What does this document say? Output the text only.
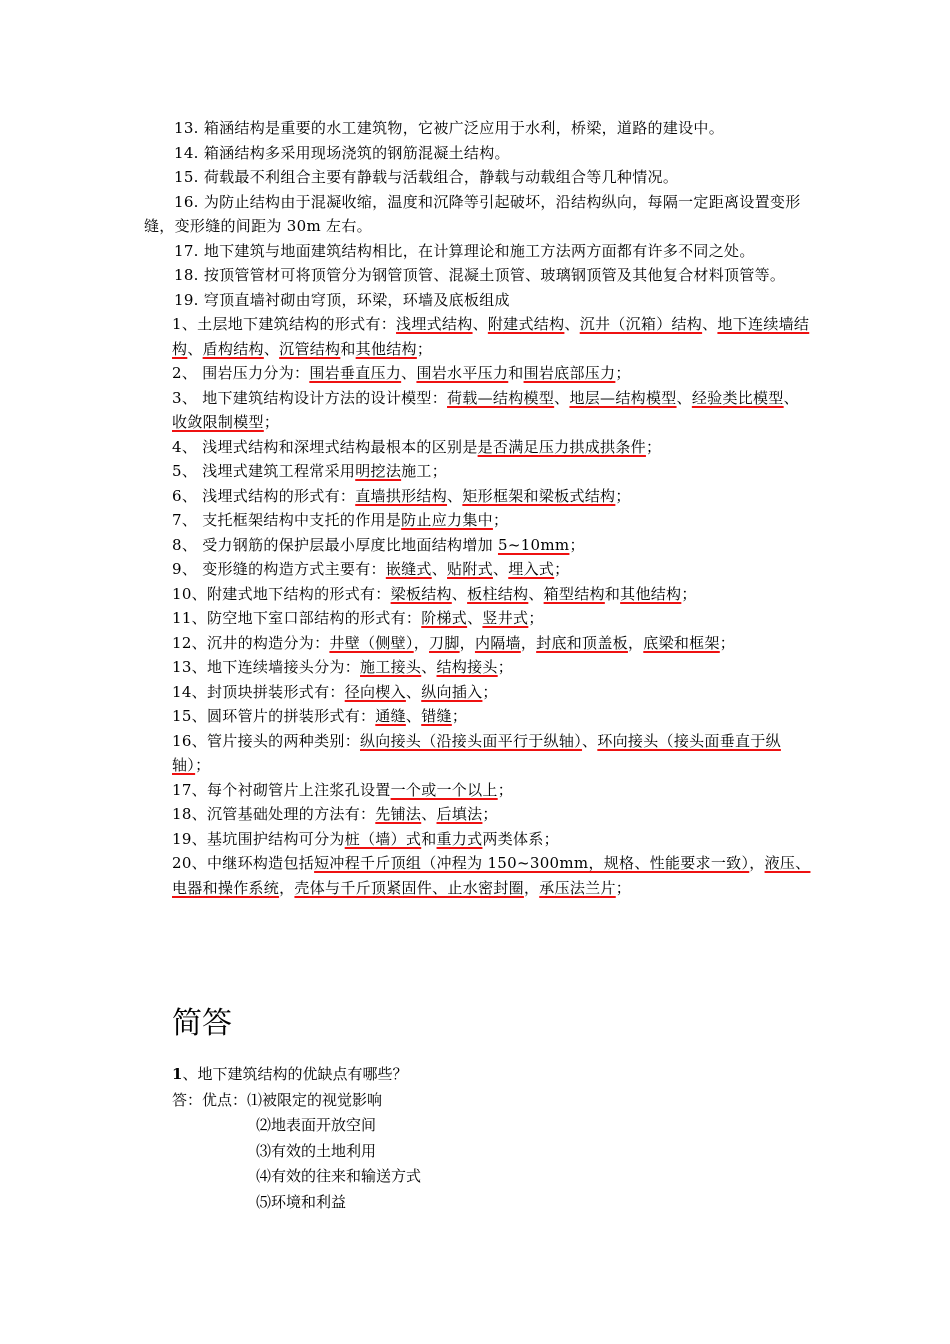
13. 箱涵结构是重要的水工建筑物，它被广泛应用于水利，桥梁，道路的建设中。

14. 箱涵结构多采用现场浇筑的钢筋混凝土结构。

15. 荷载最不利组合主要有静载与活载组合，静载与动载组合等几种情况。

16. 为防止结构由于混凝收缩，温度和沉降等引起破坏，沿结构纵向，每隔一定距离设置变形缝，变形缝的间距为 30m 左右。

17. 地下建筑与地面建筑结构相比，在计算理论和施工方法两方面都有许多不同之处。

18. 按顶管管材可将顶管分为钢管顶管、混凝土顶管、玻璃钢顶管及其他复合材料顶管等。

19. 穹顶直墙衬砌由穹顶，环梁，环墙及底板组成

1、土层地下建筑结构的形式有：浅埋式结构、附建式结构、沉井（沉箱）结构、地下连续墙结构、盾构结构、沉管结构和其他结构；

2、 围岩压力分为：围岩垂直压力、围岩水平压力和围岩底部压力；

3、 地下建筑结构设计方法的设计模型：荷载—结构模型、地层—结构模型、经验类比模型、收敛限制模型；

4、 浅埋式结构和深埋式结构最根本的区别是是否满足压力拱成拱条件；

5、 浅埋式建筑工程常采用明挖法施工；

6、 浅埋式结构的形式有：直墙拱形结构、矩形框架和梁板式结构；

7、 支托框架结构中支托的作用是防止应力集中；

8、 受力钢筋的保护层最小厚度比地面结构增加 5~10mm；

9、 变形缝的构造方式主要有：嵌缝式、贴附式、埋入式；

10、附建式地下结构的形式有：梁板结构、板柱结构、箱型结构和其他结构；

11、防空地下室口部结构的形式有：阶梯式、竖井式；

12、沉井的构造分为：井壁（侧壁），刀脚，内隔墙，封底和顶盖板，底梁和框架；

13、地下连续墙接头分为：施工接头、结构接头；

14、封顶块拼装形式有：径向楔入、纵向插入；

15、圆环管片的拼装形式有：通缝、错缝；

16、管片接头的两种类别：纵向接头（沿接头面平行于纵轴）、环向接头（接头面垂直于纵轴）；

17、每个衬砌管片上注浆孔设置一个或一个以上；

18、沉管基础处理的方法有：先铺法、后填法；

19、基坑围护结构可分为桩（墙）式和重力式两类体系；

20、中继环构造包括短冲程千斤顶组（冲程为 150~300mm，规格、性能要求一致），液压、电器和操作系统，壳体与千斤顶紧固件、止水密封圈，承压法兰片；

简答
1、地下建筑结构的优缺点有哪些？
答：优点：⑴被限定的视觉影响
⑵地表面开放空间
⑶有效的土地利用
⑷有效的往来和输送方式
⑸环境和利益
